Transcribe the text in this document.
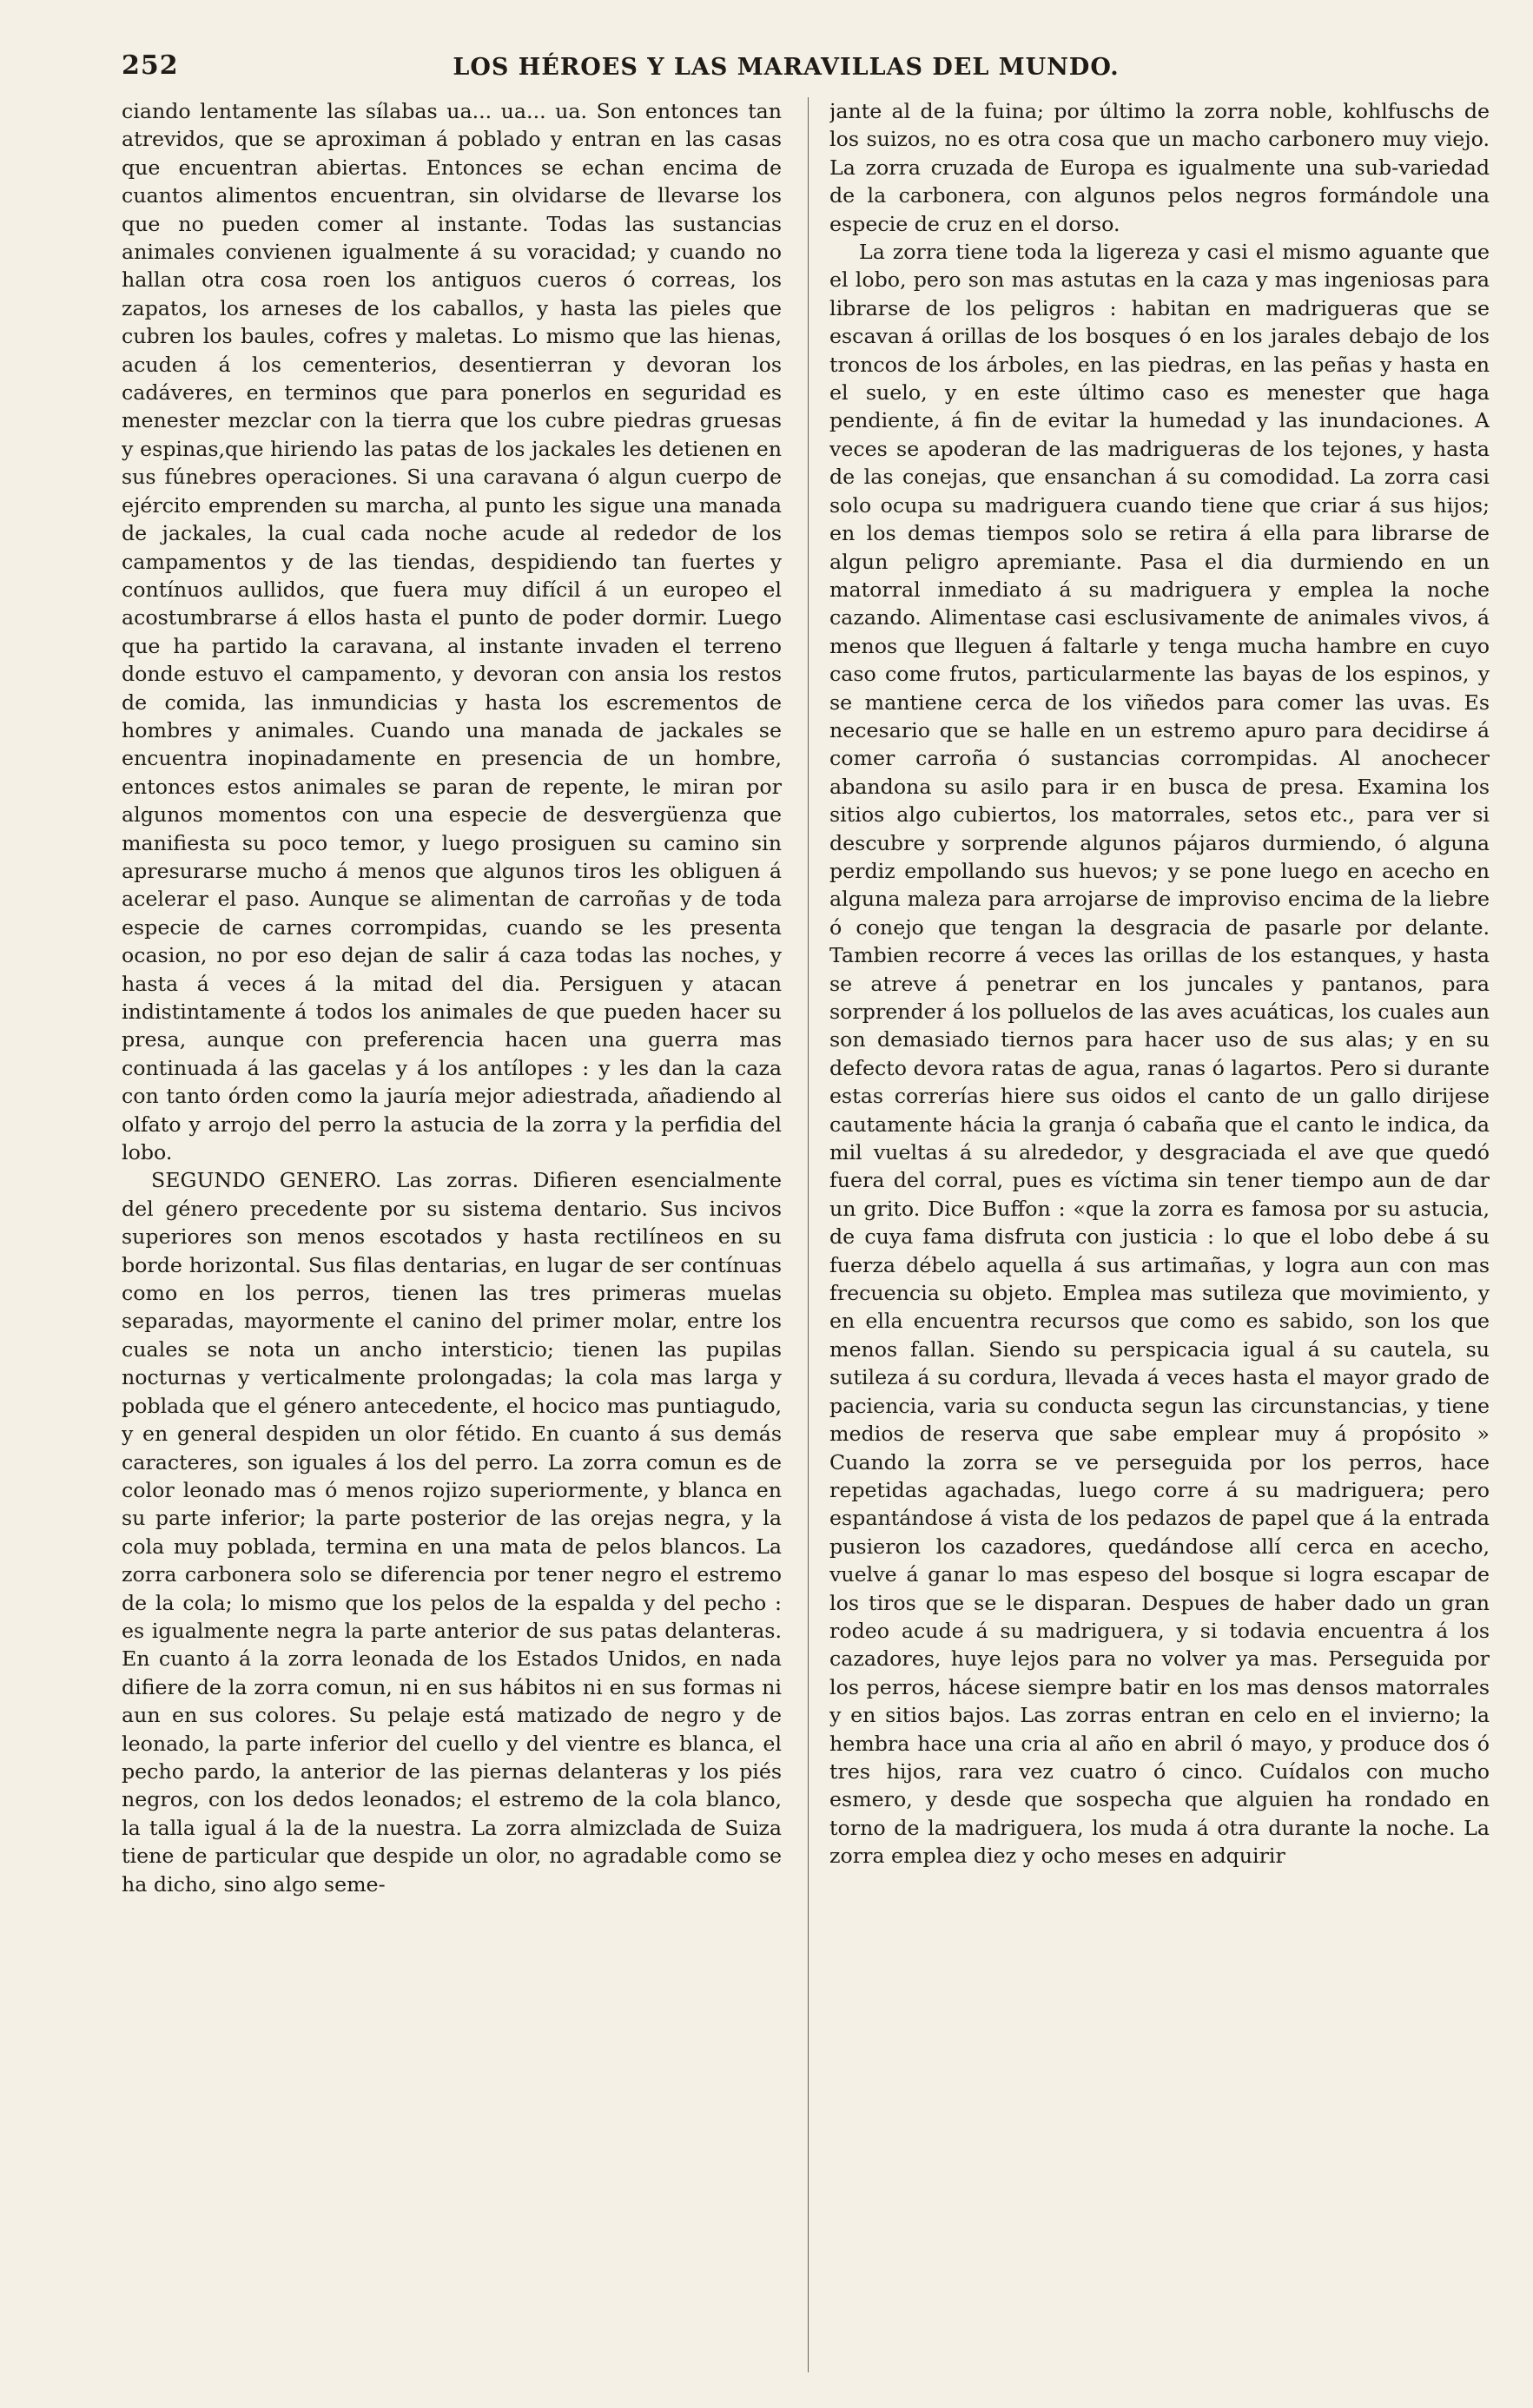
252	LOS HÉROES Y LAS MARAVILLAS DEL MUNDO.

ciando lentamente las sílabas ua... ua... ua. Son entonces tan atrevidos, que se aproximan á poblado y entran en las casas que encuentran abiertas. Entonces se echan encima de cuantos alimentos encuentran, sin olvidarse de llevarse los que no pueden comer al instante. Todas las sustancias animales convienen igualmente á su voracidad; y cuando no hallan otra cosa roen los antiguos cueros ó correas, los zapatos, los arneses de los caballos, y hasta las pieles que cubren los baules, cofres y maletas. Lo mismo que las hienas, acuden á los cementerios, desentierran y devoran los cadáveres, en terminos que para ponerlos en seguridad es menester mezclar con la tierra que los cubre piedras gruesas y espinas,que hiriendo las patas de los jackales les detienen en sus fúnebres operaciones. Si una caravana ó algun cuerpo de ejército emprenden su marcha, al punto les sigue una manada de jackales, la cual cada noche acude al rededor de los campamentos y de las tiendas, despidiendo tan fuertes y contínuos aullidos, que fuera muy difícil á un europeo el acostumbrarse á ellos hasta el punto de poder dormir. Luego que ha partido la caravana, al instante invaden el terreno donde estuvo el campamento, y devoran con ansia los restos de comida, las inmundicias y hasta los escrementos de hombres y animales. Cuando una manada de jackales se encuentra inopinadamente en presencia de un hombre, entonces estos animales se paran de repente, le miran por algunos momentos con una especie de desvergüenza que manifiesta su poco temor, y luego prosiguen su camino sin apresurarse mucho á menos que algunos tiros les obliguen á acelerar el paso. Aunque se alimentan de carroñas y de toda especie de carnes corrompidas, cuando se les presenta ocasion, no por eso dejan de salir á caza todas las noches, y hasta á veces á la mitad del dia. Persiguen y atacan indistintamente á todos los animales de que pueden hacer su presa, aunque con preferencia hacen una guerra mas continuada á las gacelas y á los antílopes : y les dan la caza con tanto órden como la jauría mejor adiestrada, añadiendo al olfato y arrojo del perro la astucia de la zorra y la perfidia del lobo.

SEGUNDO GENERO. Las zorras. Difieren esencialmente del género precedente por su sistema dentario. Sus incivos superiores son menos escotados y hasta rectilíneos en su borde horizontal. Sus filas dentarias, en lugar de ser contínuas como en los perros, tienen las tres primeras muelas separadas, mayormente el canino del primer molar, entre los cuales se nota un ancho intersticio; tienen las pupilas nocturnas y verticalmente prolongadas; la cola mas larga y poblada que el género antecedente, el hocico mas puntiagudo, y en general despiden un olor fétido. En cuanto á sus demás caracteres, son iguales á los del perro. La zorra comun es de color leonado mas ó menos rojizo superiormente, y blanca en su parte inferior; la parte posterior de las orejas negra, y la cola muy poblada, termina en una mata de pelos blancos. La zorra carbonera solo se diferencia por tener negro el estremo de la cola; lo mismo que los pelos de la espalda y del pecho : es igualmente negra la parte anterior de sus patas delanteras. En cuanto á la zorra leonada de los Estados Unidos, en nada difiere de la zorra comun, ni en sus hábitos ni en sus formas ni aun en sus colores. Su pelaje está matizado de negro y de leonado, la parte inferior del cuello y del vientre es blanca, el pecho pardo, la anterior de las piernas delanteras y los piés negros, con los dedos leonados; el estremo de la cola blanco, la talla igual á la de la nuestra. La zorra almizclada de Suiza tiene de particular que despide un olor, no agradable como se ha dicho, sino algo seme-

jante al de la fuina; por último la zorra noble, kohlfuschs de los suizos, no es otra cosa que un macho carbonero muy viejo. La zorra cruzada de Europa es igualmente una sub-variedad de la carbonera, con algunos pelos negros formándole una especie de cruz en el dorso.

La zorra tiene toda la ligereza y casi el mismo aguante que el lobo, pero son mas astutas en la caza y mas ingeniosas para librarse de los peligros : habitan en madrigueras que se escavan á orillas de los bosques ó en los jarales debajo de los troncos de los árboles, en las piedras, en las peñas y hasta en el suelo, y en este último caso es menester que haga pendiente, á fin de evitar la humedad y las inundaciones. A veces se apoderan de las madrigueras de los tejones, y hasta de las conejas, que ensanchan á su comodidad. La zorra casi solo ocupa su madriguera cuando tiene que criar á sus hijos; en los demas tiempos solo se retira á ella para librarse de algun peligro apremiante. Pasa el dia durmiendo en un matorral inmediato á su madriguera y emplea la noche cazando. Alimentase casi esclusivamente de animales vivos, á menos que lleguen á faltarle y tenga mucha hambre en cuyo caso come frutos, particularmente las bayas de los espinos, y se mantiene cerca de los viñedos para comer las uvas. Es necesario que se halle en un estremo apuro para decidirse á comer carroña ó sustancias corrompidas. Al anochecer abandona su asilo para ir en busca de presa. Examina los sitios algo cubiertos, los matorrales, setos etc., para ver si descubre y sorprende algunos pájaros durmiendo, ó alguna perdiz empollando sus huevos; y se pone luego en acecho en alguna maleza para arrojarse de improviso encima de la liebre ó conejo que tengan la desgracia de pasarle por delante. Tambien recorre á veces las orillas de los estanques, y hasta se atreve á penetrar en los juncales y pantanos, para sorprender á los polluelos de las aves acuáticas, los cuales aun son demasiado tiernos para hacer uso de sus alas; y en su defecto devora ratas de agua, ranas ó lagartos. Pero si durante estas correrías hiere sus oidos el canto de un gallo dirijese cautamente hácia la granja ó cabaña que el canto le indica, da mil vueltas á su alrededor, y desgraciada el ave que quedó fuera del corral, pues es víctima sin tener tiempo aun de dar un grito. Dice Buffon : «que la zorra es famosa por su astucia, de cuya fama disfruta con justicia : lo que el lobo debe á su fuerza débelo aquella á sus artimañas, y logra aun con mas frecuencia su objeto. Emplea mas sutileza que movimiento, y en ella encuentra recursos que como es sabido, son los que menos fallan. Siendo su perspicacia igual á su cautela, su sutileza á su cordura, llevada á veces hasta el mayor grado de paciencia, varia su conducta segun las circunstancias, y tiene medios de reserva que sabe emplear muy á propósito » Cuando la zorra se ve perseguida por los perros, hace repetidas agachadas, luego corre á su madriguera; pero espantándose á vista de los pedazos de papel que á la entrada pusieron los cazadores, quedándose allí cerca en acecho, vuelve á ganar lo mas espeso del bosque si logra escapar de los tiros que se le disparan. Despues de haber dado un gran rodeo acude á su madriguera, y si todavia encuentra á los cazadores, huye lejos para no volver ya mas. Perseguida por los perros, hácese siempre batir en los mas densos matorrales y en sitios bajos. Las zorras entran en celo en el invierno; la hembra hace una cria al año en abril ó mayo, y produce dos ó tres hijos, rara vez cuatro ó cinco. Cuídalos con mucho esmero, y desde que sospecha que alguien ha rondado en torno de la madriguera, los muda á otra durante la noche. La zorra emplea diez y ocho meses en adquirir
